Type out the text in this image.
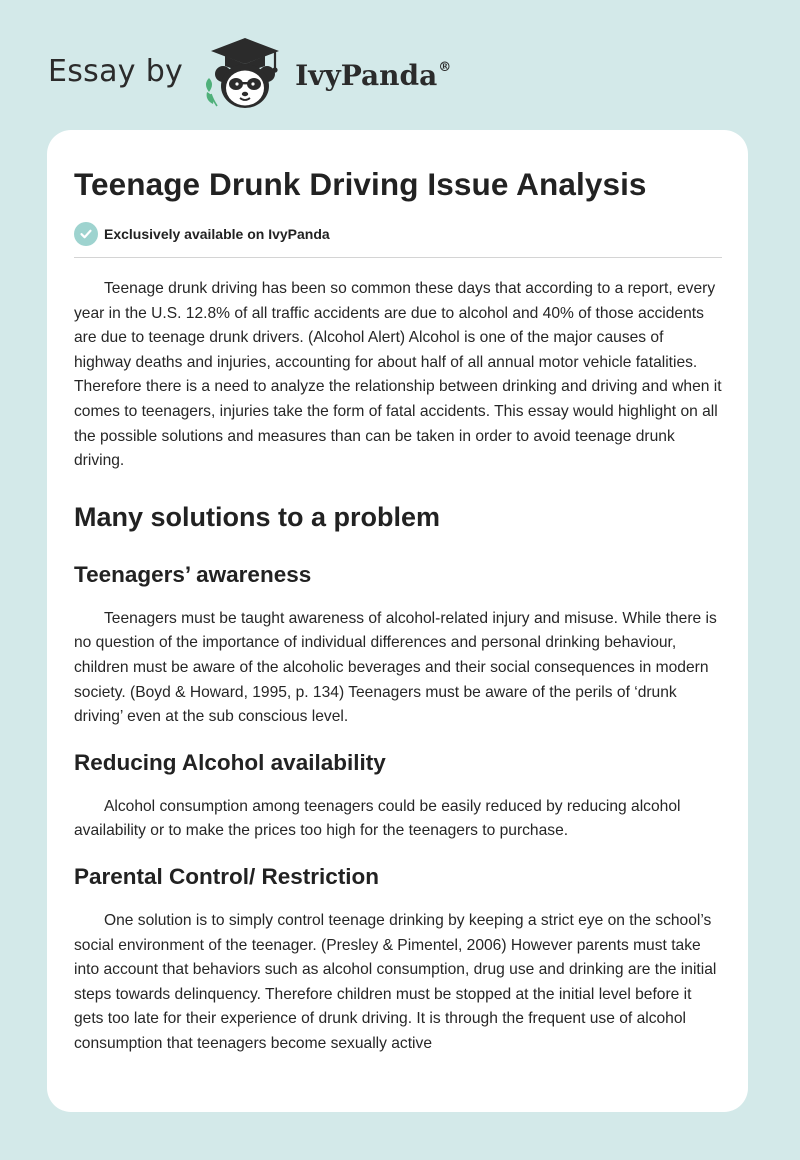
Essay by	IvyPanda®
Teenage Drunk Driving Issue Analysis
Exclusively available on IvyPanda

Teenage drunk driving has been so common these days that according to a report, every year in the U.S. 12.8% of all traffic accidents are due to alcohol and 40% of those accidents are due to teenage drunk drivers. (Alcohol Alert) Alcohol is one of the major causes of highway deaths and injuries, accounting for about half of all annual motor vehicle fatalities. Therefore there is a need to analyze the relationship between drinking and driving and when it comes to teenagers, injuries take the form of fatal accidents. This essay would highlight on all the possible solutions and measures than can be taken in order to avoid teenage drunk driving.

Many solutions to a problem
Teenagers’ awareness

Teenagers must be taught awareness of alcohol-related injury and misuse. While there is no question of the importance of individual differences and personal drinking behaviour, children must be aware of the alcoholic beverages and their social consequences in modern society. (Boyd & Howard, 1995, p. 134) Teenagers must be aware of the perils of ‘drunk driving’ even at the sub conscious level.

Reducing Alcohol availability

Alcohol consumption among teenagers could be easily reduced by reducing alcohol availability or to make the prices too high for the teenagers to purchase.

Parental Control/ Restriction

One solution is to simply control teenage drinking by keeping a strict eye on the school’s social environment of the teenager. (Presley & Pimentel, 2006) However parents must take into account that behaviors such as alcohol consumption, drug use and drinking are the initial steps towards delinquency. Therefore children must be stopped at the initial level before it gets too late for their experience of drunk driving. It is through the frequent use of alcohol consumption that teenagers become sexually active
